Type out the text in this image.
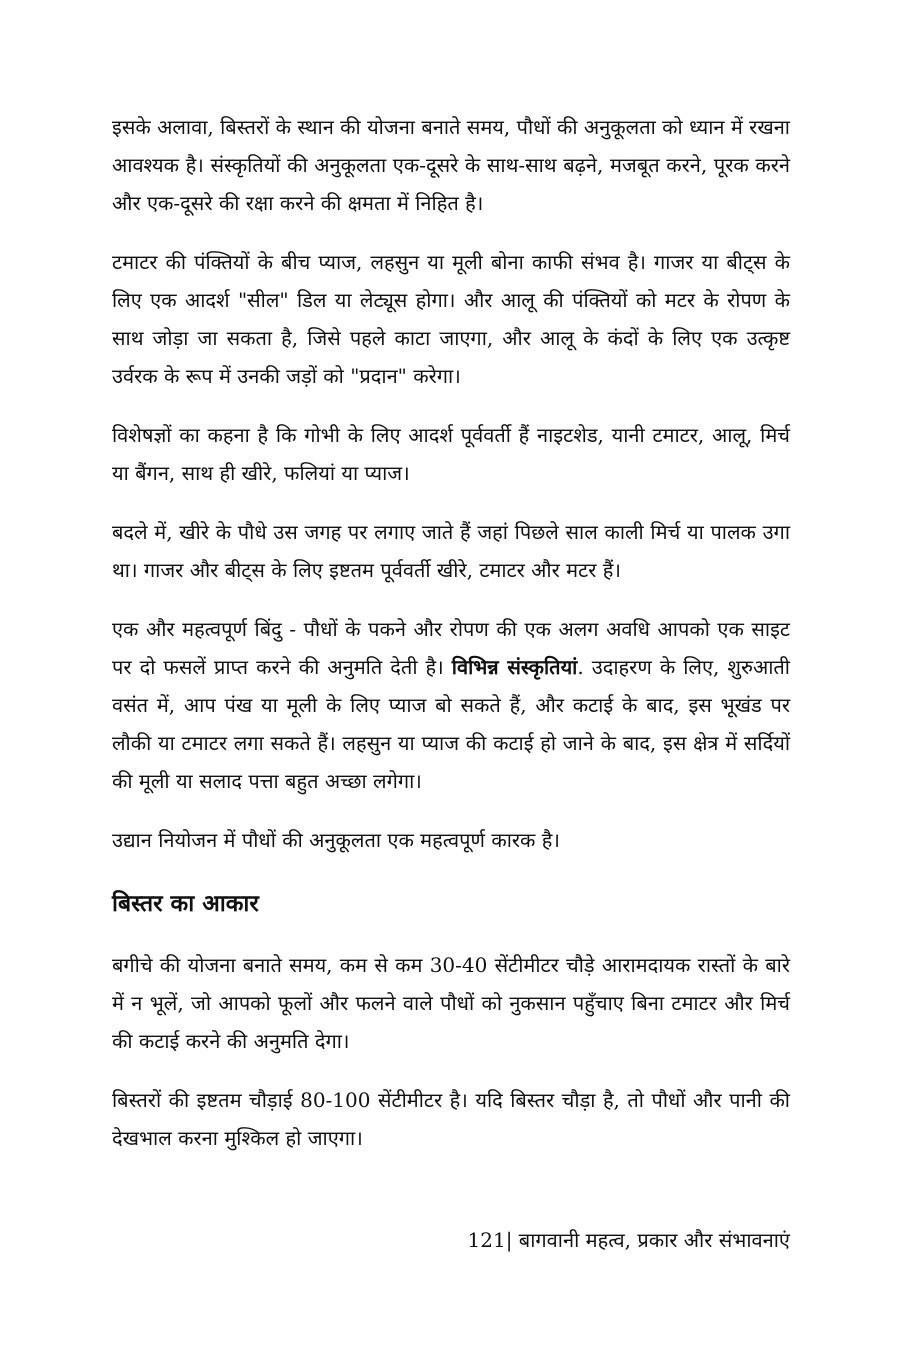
इसके अलावा, बिस्तरों के स्थान की योजना बनाते समय, पौधों की अनुकूलता को ध्यान में रखना आवश्यक है। संस्कृतियों की अनुकूलता एक-दूसरे के साथ-साथ बढ़ने, मजबूत करने, पूरक करने और एक-दूसरे की रक्षा करने की क्षमता में निहित है।

टमाटर की पंक्तियों के बीच प्याज, लहसुन या मूली बोना काफी संभव है। गाजर या बीट्स के लिए एक आदर्श "सील" डिल या लेट्यूस होगा। और आलू की पंक्तियों को मटर के रोपण के साथ जोड़ा जा सकता है, जिसे पहले काटा जाएगा, और आलू के कंदों के लिए एक उत्कृष्ट उर्वरक के रूप में उनकी जड़ों को "प्रदान" करेगा।

विशेषज्ञों का कहना है कि गोभी के लिए आदर्श पूर्ववर्ती हैं नाइटशेड, यानी टमाटर, आलू, मिर्च या बैंगन, साथ ही खीरे, फलियां या प्याज।

बदले में, खीरे के पौधे उस जगह पर लगाए जाते हैं जहां पिछले साल काली मिर्च या पालक उगा था। गाजर और बीट्स के लिए इष्टतम पूर्ववर्ती खीरे, टमाटर और मटर हैं।

एक और महत्वपूर्ण बिंदु - पौधों के पकने और रोपण की एक अलग अवधि आपको एक साइट पर दो फसलें प्राप्त करने की अनुमति देती है। विभिन्न संस्कृतियां. उदाहरण के लिए, शुरुआती वसंत में, आप पंख या मूली के लिए प्याज बो सकते हैं, और कटाई के बाद, इस भूखंड पर लौकी या टमाटर लगा सकते हैं। लहसुन या प्याज की कटाई हो जाने के बाद, इस क्षेत्र में सर्दियों की मूली या सलाद पत्ता बहुत अच्छा लगेगा।

उद्यान नियोजन में पौधों की अनुकूलता एक महत्वपूर्ण कारक है।

बिस्तर का आकार

बगीचे की योजना बनाते समय, कम से कम 30-40 सेंटीमीटर चौड़े आरामदायक रास्तों के बारे में न भूलें, जो आपको फूलों और फलने वाले पौधों को नुकसान पहुँचाए बिना टमाटर और मिर्च की कटाई करने की अनुमति देगा।

बिस्तरों की इष्टतम चौड़ाई 80-100 सेंटीमीटर है। यदि बिस्तर चौड़ा है, तो पौधों और पानी की देखभाल करना मुश्किल हो जाएगा।

121| बागवानी महत्व, प्रकार और संभावनाएं
